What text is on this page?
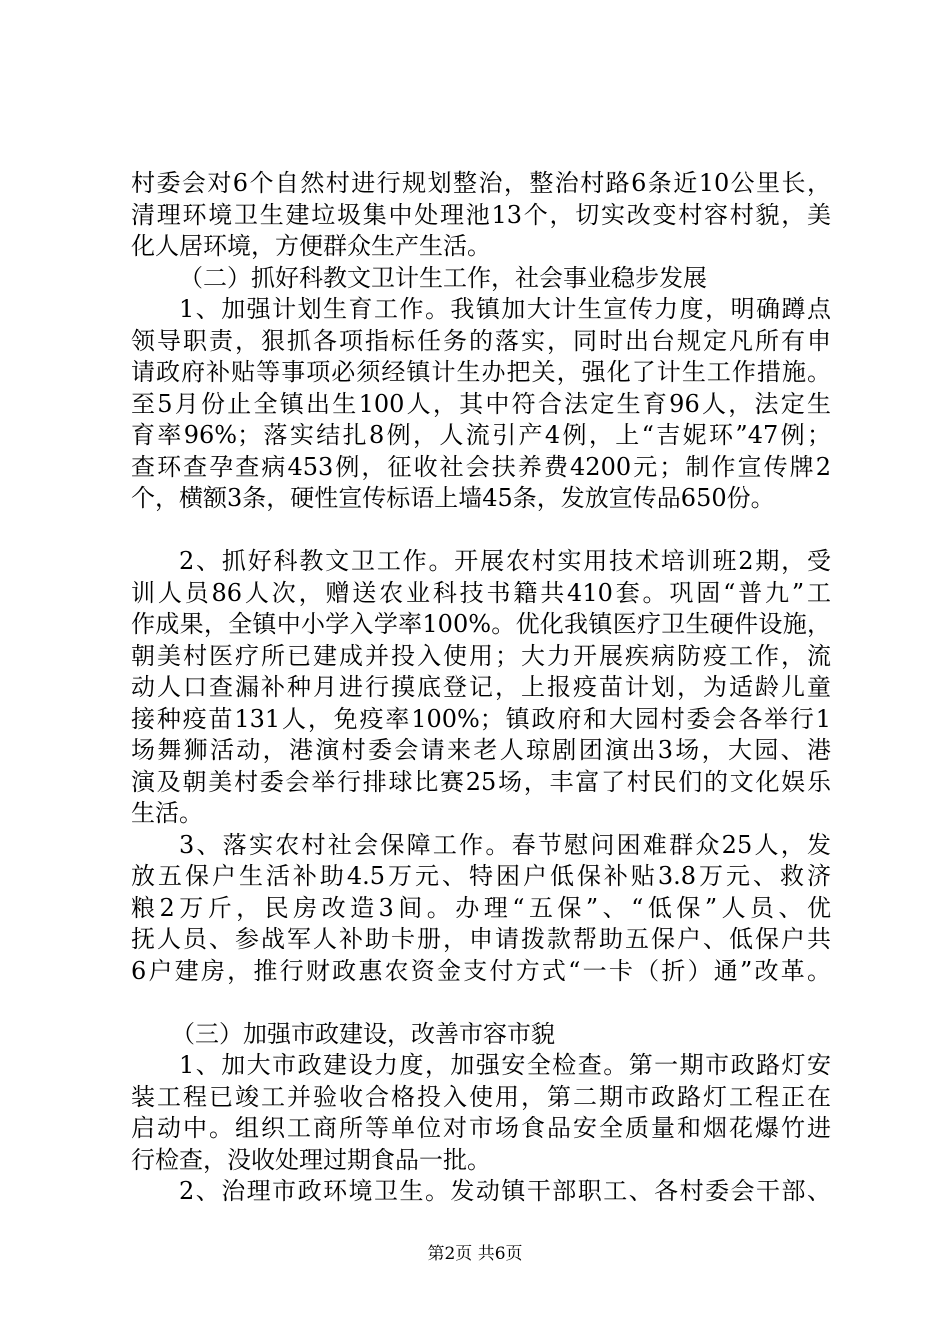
村委会对6个自然村进行规划整治，整治村路6条近10公里长，
清理环境卫生建垃圾集中处理池13个，切实改变村容村貌，美
化人居环境，方便群众生产生活。
（二）抓好科教文卫计生工作，社会事业稳步发展
1、加强计划生育工作。我镇加大计生宣传力度，明确蹲点
领导职责，狠抓各项指标任务的落实，同时出台规定凡所有申
请政府补贴等事项必须经镇计生办把关，强化了计生工作措施。
至5月份止全镇出生100人，其中符合法定生育96人，法定生
育率96%；落实结扎8例，人流引产4例，上“吉妮环”47例；
查环查孕查病453例，征收社会扶养费4200元；制作宣传牌2
个，横额3条，硬性宣传标语上墙45条，发放宣传品650份。
2、抓好科教文卫工作。开展农村实用技术培训班2期，受
训人员86人次，赠送农业科技书籍共410套。巩固“普九”工
作成果，全镇中小学入学率100%。优化我镇医疗卫生硬件设施，
朝美村医疗所已建成并投入使用；大力开展疾病防疫工作，流
动人口查漏补种月进行摸底登记，上报疫苗计划，为适龄儿童
接种疫苗131人，免疫率100%；镇政府和大园村委会各举行1
场舞狮活动，港演村委会请来老人琼剧团演出3场，大园、港
演及朝美村委会举行排球比赛25场，丰富了村民们的文化娱乐
生活。
3、落实农村社会保障工作。春节慰问困难群众25人，发
放五保户生活补助4.5万元、特困户低保补贴3.8万元、救济
粮2万斤，民房改造3间。办理“五保”、“低保”人员、优
抚人员、参战军人补助卡册，申请拨款帮助五保户、低保户共
6户建房，推行财政惠农资金支付方式“一卡（折）通”改革。
（三）加强市政建设，改善市容市貌
1、加大市政建设力度，加强安全检查。第一期市政路灯安
装工程已竣工并验收合格投入使用，第二期市政路灯工程正在
启动中。组织工商所等单位对市场食品安全质量和烟花爆竹进
行检查，没收处理过期食品一批。
2、治理市政环境卫生。发动镇干部职工、各村委会干部、
第2页 共6页
